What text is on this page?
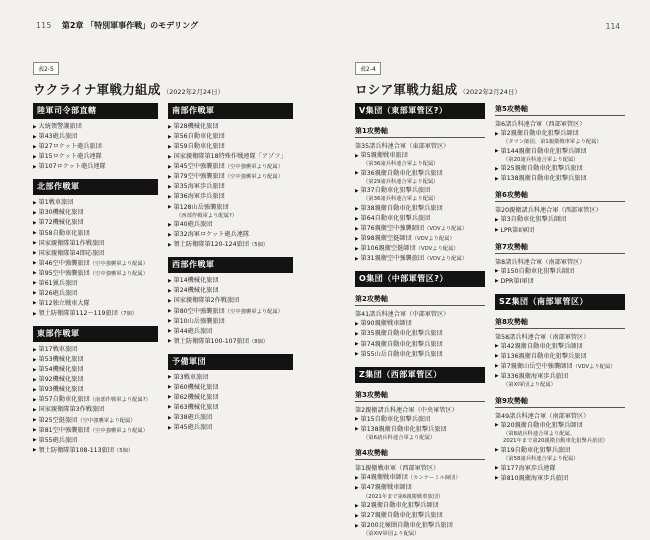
115 第2章 「特別軍事作戦」のモデリング	114
表2-5
ウクライナ軍戦力組成 （2022年2月24日）
陸軍司令部直轄
▶ 大統領警護旅団
▶ 第43砲兵旅団
▶ 第27ロケット砲兵旅団
▶ 第15ロケット砲兵連隊
▶ 第107ロケット砲兵連隊
北部作戦軍
▶ 第1戦車旅団
▶ 第30機械化旅団
▶ 第72機械化旅団
▶ 第58自動車化旅団
▶ 国家親衛隊第1作戦旅団
▶ 国家親衛隊第4即応旅団
▶ 第46空中強襲旅団（空中強襲軍より配属）
▶ 第95空中強襲旅団（空中強襲軍より配属）
▶ 第61猟兵旅団
▶ 第26砲兵旅団
▶ 第12独立戦車大隊
▶ 領土防衛隊第112〜119旅団（7個）
東部作戦軍
▶ 第17戦車旅団
▶ 第53機械化旅団
▶ 第54機械化旅団
▶ 第92機械化旅団
▶ 第93機械化旅団
▶ 第57自動車化旅団（南部作戦軍より配属?）
▶ 国家親衛隊第3作戦旅団
▶ 第25空挺旅団（空中強襲軍より配属）
▶ 第81空中強襲旅団（空中強襲軍より配属）
▶ 第55砲兵旅団
▶ 領土防衛隊第108-113旅団（5個）
南部作戦軍
▶ 第28機械化旅団
▶ 第56自動車化旅団
▶ 第59自動車化旅団
▶ 国家親衛隊第18特殊作戦連隊「アゾフ」
▶ 第45空中強襲旅団（空中強襲軍より配属）
▶ 第79空中強襲旅団（空中強襲軍より配属）
▶ 第35海軍歩兵旅団
▶ 第36海軍歩兵旅団
▶ 第128山岳強襲旅団
（西部作戦軍より配属?）
▶ 第40砲兵旅団
▶ 第32海軍ロケット砲兵連隊
▶ 領土防衛隊第120-124旅団（5個）
西部作戦軍
▶ 第14機械化旅団
▶ 第24機械化旅団
▶ 国家親衛隊第2作戦旅団
▶ 第80空中強襲旅団（空中強襲軍より配属）
▶ 第10山岳強襲旅団
▶ 第44砲兵旅団
▶ 領土防衛隊第100-107旅団（8個）
予備軍団
▶ 第3戦車旅団
▶ 第60機械化旅団
▶ 第62機械化旅団
▶ 第63機械化旅団
▶ 第38砲兵旅団
▶ 第45砲兵旅団
表2-4
ロシア軍戦力組成 （2022年2月24日）
V集団（東部軍管区?）
第1攻勢軸
第35諸兵科連合軍（東部軍管区）
▶ 第5親衛戦車旅団
（第36諸兵科連合軍より配属）
▶ 第36親衛自動車化狙撃兵旅団
（第29諸兵科連合軍より配属）
▶ 第37自動車化狙撃兵旅団
（第36諸兵科連合軍より配属）
▶ 第38親衛自動車化狙撃兵旅団
▶ 第64自動車化狙撃兵旅団
▶ 第76親衛空中強襲師団（VDVより配属）
▶ 第98親衛空挺師団（VDVより配属）
▶ 第106親衛空挺師団（VDVより配属）
▶ 第31親衛空中強襲旅団（VDVより配属）
O集団（中部軍管区?）
第2攻勢軸
第41諸兵科連合軍（中部軍管区）
▶ 第90親衛戦車師団
▶ 第35親衛自動車化狙撃兵旅団
▶ 第74親衛自動車化狙撃兵旅団
▶ 第55山岳自動車化狙撃兵旅団
Z集団（西部軍管区）
第3攻勢軸
第2親衛諸兵科連合軍（中央軍管区）
▶ 第15自動車化狙撃兵旅団
▶ 第138親衛自動車化狙撃兵旅団
（第6諸兵科連合軍より配属）
第4攻勢軸
第1親衛戦車軍（西部軍管区）
▶ 第4親衛戦車師団（カンテーミル師団）
▶ 第47親衛戦車師団
（2021年まで第6親衛戦車旅団）
▶ 第2親衛自動車化狙撃兵師団
▶ 第27親衛自動車化狙撃兵旅団
▶ 第200北極圏自動車化狙撃兵旅団
（第XIV軍団より配属）
第5攻勢軸
第6諸兵科連合軍（西部軍管区）
▶ 第2親衛自動車化狙撃兵師団
（タマン師団、第1親衛戦車軍より配属）
▶ 第144親衛自動車化狙撃兵師団
（第20諸兵科連合軍より配属）
▶ 第25親衛自動車化狙撃兵旅団
▶ 第138親衛自動車化狙撃兵旅団
第6攻勢軸
第20親衛諸兵科連合軍（西部軍管区）
▶ 第3自動車化狙撃兵師団
▶ LPR第II軍団
第7攻勢軸
第8諸兵科連合軍（南部軍管区）
▶ 第150自動車化狙撃兵師団
▶ DPR第I軍団
SZ集団（南部軍管区）
第8攻勢軸
第58諸兵科連合軍（南部軍管区）
▶ 第42親衛自動車化狙撃兵師団
▶ 第136親衛自動車化狙撃兵旅団
▶ 第7親衛山岳空中強襲師団（VDVより配属）
▶ 第336親衛海軍歩兵旅団
（第XI軍団より配属）
第9攻勢軸
第49諸兵科連合軍（南部軍管区）
▶ 第20親衛自動車化狙撃兵師団
（第8諸兵科連合軍より配属、
2021年まで第20親衛自動車化狙撃兵旅団）
▶ 第19自動車化狙撃兵旅団
（第58諸兵科連合軍より配属）
▶ 第177海軍歩兵連隊
▶ 第810親衛海軍歩兵旅団
